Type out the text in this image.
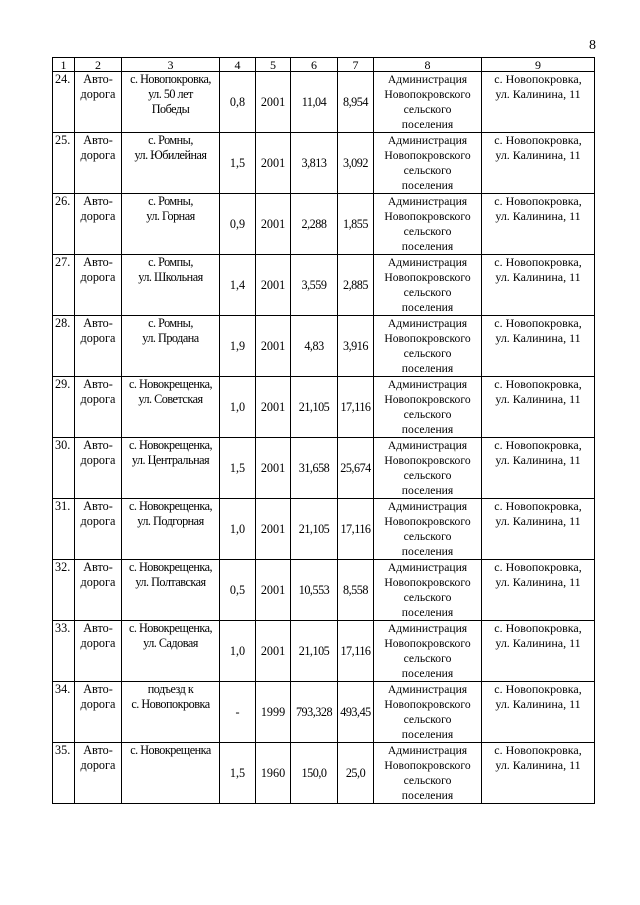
8
1	2	3	4	5	6	7	8	9
24.	Авто-
дорога	с. Новопокровка,
ул. 50 лет
Победы	0,8	2001	11,04	8,954	Администрация
Новопокровского
сельского
поселения	с. Новопокровка,
ул. Калинина, 11

25.	Авто-
дорога	с. Ромны,
ул. Юбилейная	1,5	2001	3,813	3,092	Администрация
Новопокровского
сельского
поселения	с. Новопокровка,
ул. Калинина, 11

26.	Авто-
дорога	с. Ромны,
ул. Горная	0,9	2001	2,288	1,855	Администрация
Новопокровского
сельского
поселения	с. Новопокровка,
ул. Калинина, 11

27.	Авто-
дорога	с. Ромпы,
ул. Школьная	1,4	2001	3,559	2,885	Администрация
Новопокровского
сельского
поселения	с. Новопокровка,
ул. Калинина, 11

28.	Авто-
дорога	с. Ромны,
ул. Продана	1,9	2001	4,83	3,916	Администрация
Новопокровского
сельского
поселения	с. Новопокровка,
ул. Калинина, 11

29.	Авто-
дорога	с. Новокрещенка,
ул. Советская	1,0	2001	21,105	17,116	Администрация
Новопокровского
сельского
поселения	с. Новопокровка,
ул. Калинина, 11

30.	Авто-
дорога	с. Новокрещенка,
ул. Центральная	1,5	2001	31,658	25,674	Администрация
Новопокровского
сельского
поселения	с. Новопокровка,
ул. Калинина, 11

31.	Авто-
дорога	с. Новокрещенка,
ул. Подгорная	1,0	2001	21,105	17,116	Администрация
Новопокровского
сельского
поселения	с. Новопокровка,
ул. Калинина, 11

32.	Авто-
дорога	с. Новокрещенка,
ул. Полтавская	0,5	2001	10,553	8,558	Администрация
Новопокровского
сельского
поселения	с. Новопокровка,
ул. Калинина, 11

33.	Авто-
дорога	с. Новокрещенка,
ул. Садовая	1,0	2001	21,105	17,116	Администрация
Новопокровского
сельского
поселения	с. Новопокровка,
ул. Калинина, 11

34.	Авто-
дорога	подъезд к
с. Новопокровка	-	1999	793,328	493,45	Администрация
Новопокровского
сельского
поселения	с. Новопокровка,
ул. Калинина, 11

35.	Авто-
дорога	с. Новокрещенка	1,5	1960	150,0	25,0	Администрация
Новопокровского
сельского
поселения	с. Новопокровка,
ул. Калинина, 11
